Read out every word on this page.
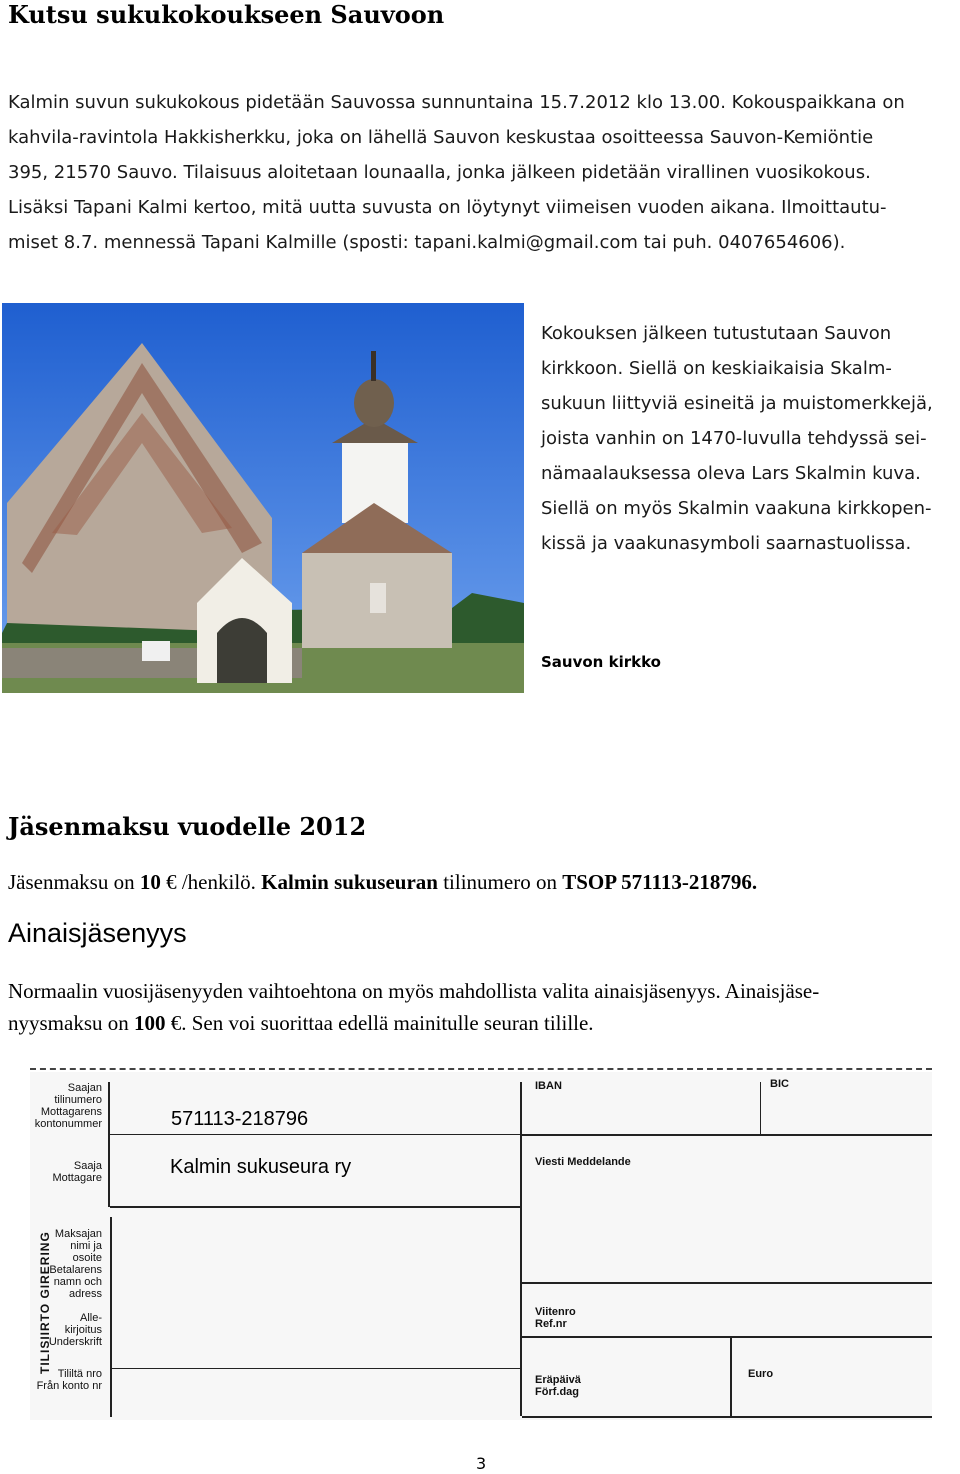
Kutsu sukukokoukseen Sauvoon
Kalmin suvun sukukokous pidetään Sauvossa sunnuntaina 15.7.2012 klo 13.00. Kokouspaikkana on
kahvila-ravintola Hakkisherkku, joka on lähellä Sauvon keskustaa osoitteessa Sauvon-Kemiöntie
395, 21570 Sauvo. Tilaisuus aloitetaan lounaalla, jonka jälkeen pidetään virallinen vuosikokous.
Lisäksi Tapani Kalmi kertoo, mitä uutta suvusta on löytynyt viimeisen vuoden aikana. Ilmoittautu-
miset 8.7. mennessä Tapani Kalmille (sposti: tapani.kalmi@gmail.com tai puh. 0407654606).
Kokouksen jälkeen tutustutaan Sauvon
kirkkoon. Siellä on keskiaikaisia Skalm-
sukuun liittyviä esineitä ja muistomerkkejä,
joista vanhin on 1470-luvulla tehdyssä sei-
nämaalauksessa oleva Lars Skalmin kuva.
Siellä on myös Skalmin vaakuna kirkkopen-
kissä ja vaakunasymboli saarnastuolissa.
Sauvon kirkko
Jäsenmaksu vuodelle 2012
Jäsenmaksu on 10 € /henkilö. Kalmin sukuseuran tilinumero on TSOP 571113-218796.
Ainaisjäsenyys
Normaalin vuosijäsenyyden vaihtoehtona on myös mahdollista valita ainaisjäsenyys. Ainaisjäse-
nyysmaksu on 100 €. Sen voi suorittaa edellä mainitulle seuran tilille.
TILISIIRTO GIRERING
Saajan
tilinumero
Mottagarens
kontonummer
Saaja
Mottagare
Maksajan
nimi ja
osoite
Betalarens
namn och
adress
Alle-
kirjoitus
Underskrift
Tililtä nro
Från konto nr
IBAN	BIC
Viesti Meddelande
Viitenro
Ref.nr
Eräpäivä
Förf.dag
Euro
571113-218796
Kalmin sukuseura ry
3
